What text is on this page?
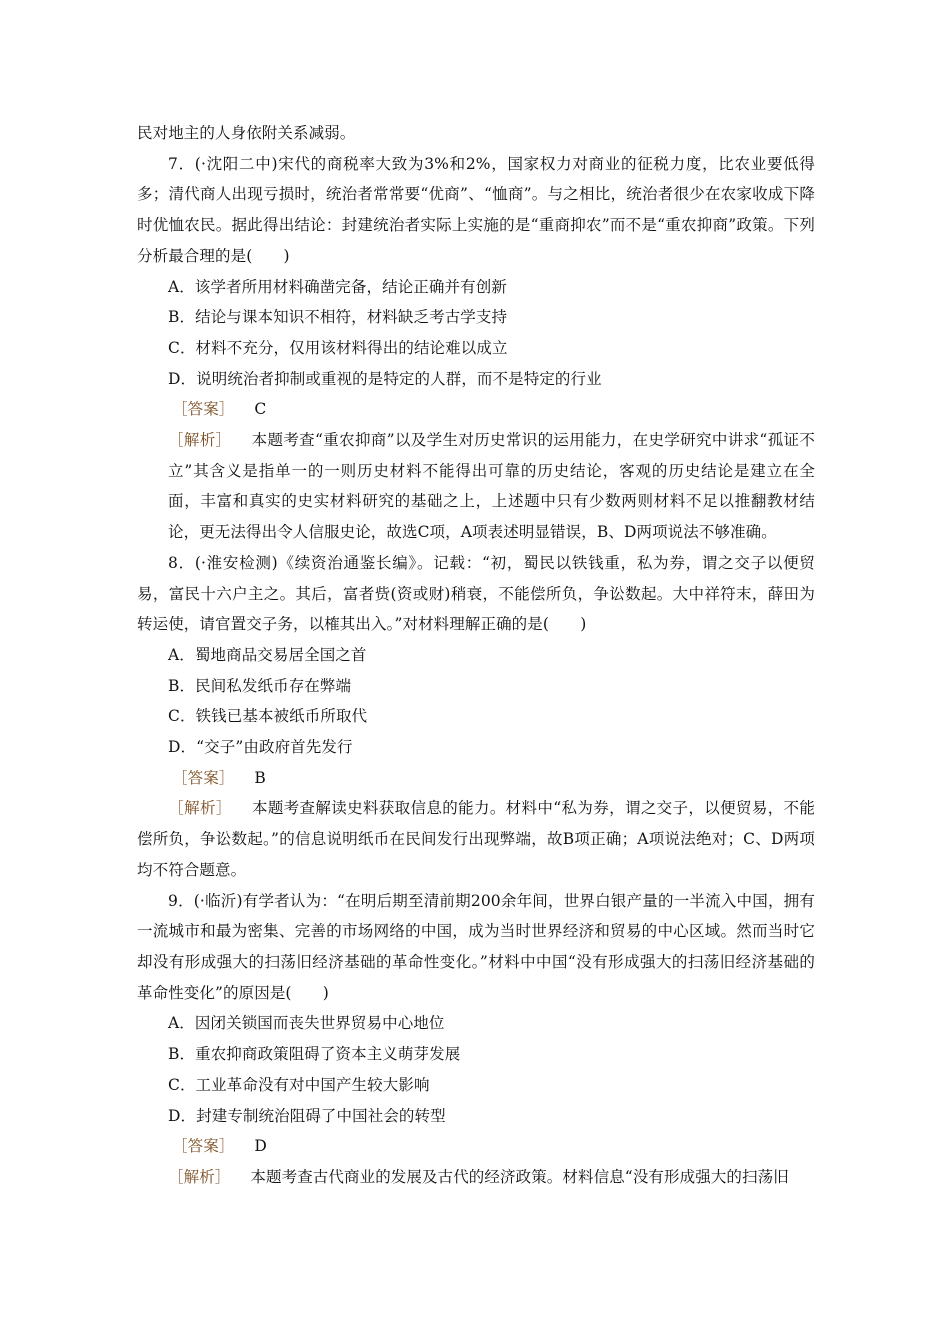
民对地主的人身依附关系减弱。

7．(·沈阳二中)宋代的商税率大致为3%和2%，国家权力对商业的征税力度，比农业要低得多；清代商人出现亏损时，统治者常常要“优商”、“恤商”。与之相比，统治者很少在农家收成下降时优恤农民。据此得出结论：封建统治者实际上实施的是“重商抑农”而不是“重农抑商”政策。下列分析最合理的是(　　)

A．该学者所用材料确凿完备，结论正确并有创新

B．结论与课本知识不相符，材料缺乏考古学支持

C．材料不充分，仅用该材料得出的结论难以成立

D．说明统治者抑制或重视的是特定的人群，而不是特定的行业

［答案］ C

［解析］ 本题考查“重农抑商”以及学生对历史常识的运用能力，在史学研究中讲求“孤证不立”其含义是指单一的一则历史材料不能得出可靠的历史结论，客观的历史结论是建立在全面，丰富和真实的史实材料研究的基础之上，上述题中只有少数两则材料不足以推翻教材结论，更无法得出令人信服史论，故选C项，A项表述明显错误，B、D两项说法不够准确。

8．(·淮安检测)《续资治通鉴长编》。记载：“初，蜀民以铁钱重，私为券，谓之交子以便贸易，富民十六户主之。其后，富者赀(资或财)稍衰，不能偿所负，争讼数起。大中祥符末，薛田为转运使，请官置交子务，以榷其出入。”对材料理解正确的是(　　)

A．蜀地商品交易居全国之首

B．民间私发纸币存在弊端

C．铁钱已基本被纸币所取代

D．“交子”由政府首先发行

［答案］ B

［解析］ 本题考查解读史料获取信息的能力。材料中“私为券，谓之交子，以便贸易，不能偿所负，争讼数起。”的信息说明纸币在民间发行出现弊端，故B项正确；A项说法绝对；C、D两项均不符合题意。

9．(·临沂)有学者认为：“在明后期至清前期200余年间，世界白银产量的一半流入中国，拥有一流城市和最为密集、完善的市场网络的中国，成为当时世界经济和贸易的中心区域。然而当时它却没有形成强大的扫荡旧经济基础的革命性变化。”材料中中国“没有形成强大的扫荡旧经济基础的革命性变化”的原因是(　　)

A．因闭关锁国而丧失世界贸易中心地位

B．重农抑商政策阻碍了资本主义萌芽发展

C．工业革命没有对中国产生较大影响

D．封建专制统治阻碍了中国社会的转型

［答案］ D

［解析］ 本题考查古代商业的发展及古代的经济政策。材料信息“没有形成强大的扫荡旧
